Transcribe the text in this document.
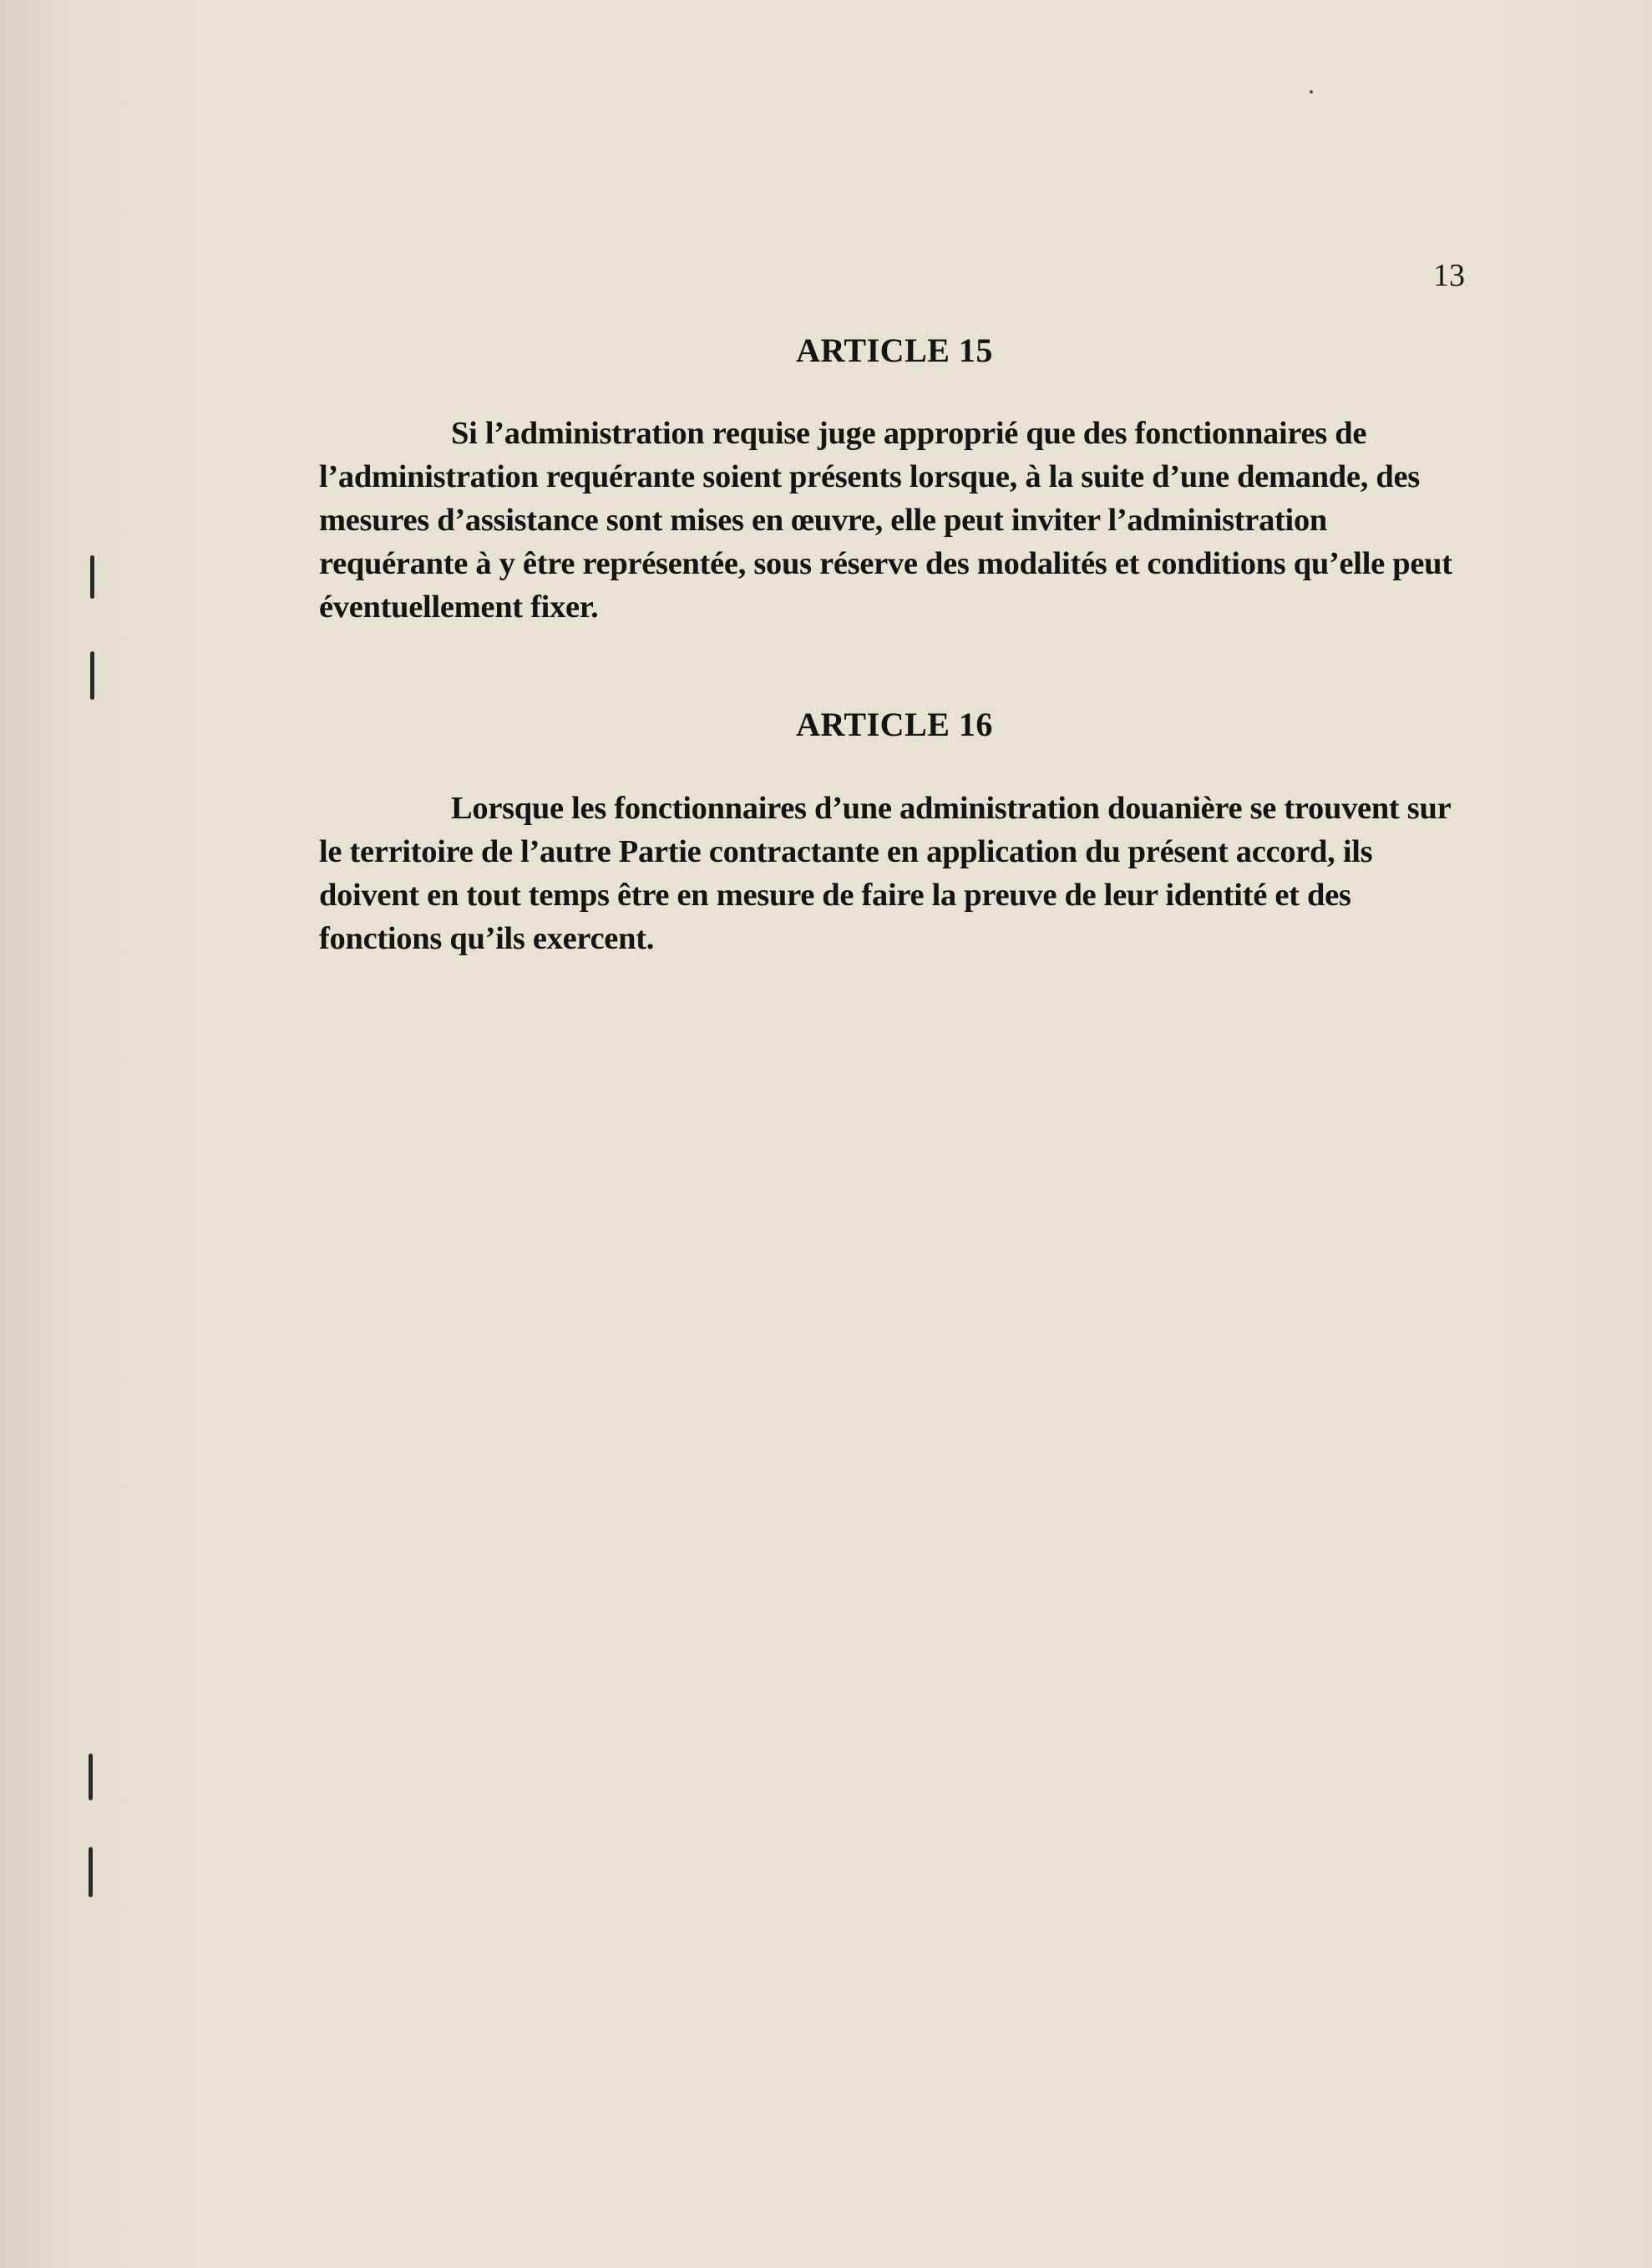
13
ARTICLE 15
Si l’administration requise juge approprié que des fonctionnaires de l’administration requérante soient présents lorsque, à la suite d’une demande, des mesures d’assistance sont mises en œuvre, elle peut inviter l’administration requérante à y être représentée, sous réserve des modalités et conditions qu’elle peut éventuellement fixer.
ARTICLE 16
Lorsque les fonctionnaires d’une administration douanière se trouvent sur le territoire de l’autre Partie contractante en application du présent accord, ils doivent en tout temps être en mesure de faire la preuve de leur identité et des fonctions qu’ils exercent.
